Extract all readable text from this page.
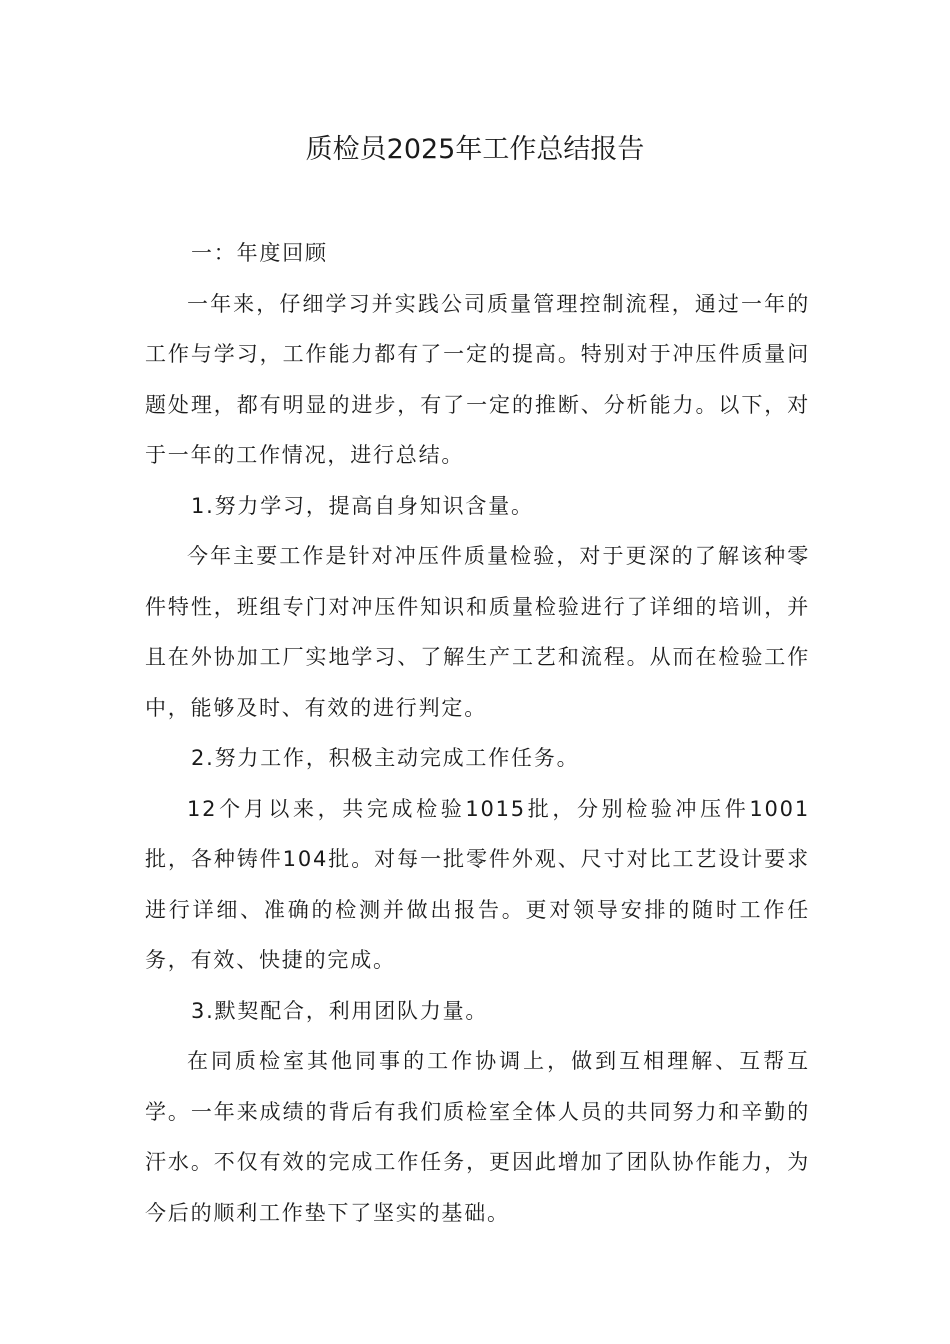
质检员2025年工作总结报告

一：年度回顾

一年来，仔细学习并实践公司质量管理控制流程，通过一年的工作与学习，工作能力都有了一定的提高。特别对于冲压件质量问题处理，都有明显的进步，有了一定的推断、分析能力。以下，对于一年的工作情况，进行总结。

1.努力学习，提高自身知识含量。

今年主要工作是针对冲压件质量检验，对于更深的了解该种零件特性，班组专门对冲压件知识和质量检验进行了详细的培训，并且在外协加工厂实地学习、了解生产工艺和流程。从而在检验工作中，能够及时、有效的进行判定。

2.努力工作，积极主动完成工作任务。

12个月以来，共完成检验1015批，分别检验冲压件1001批，各种铸件104批。对每一批零件外观、尺寸对比工艺设计要求进行详细、准确的检测并做出报告。更对领导安排的随时工作任务，有效、快捷的完成。

3.默契配合，利用团队力量。

在同质检室其他同事的工作协调上，做到互相理解、互帮互学。一年来成绩的背后有我们质检室全体人员的共同努力和辛勤的汗水。不仅有效的完成工作任务，更因此增加了团队协作能力，为今后的顺利工作垫下了坚实的基础。
